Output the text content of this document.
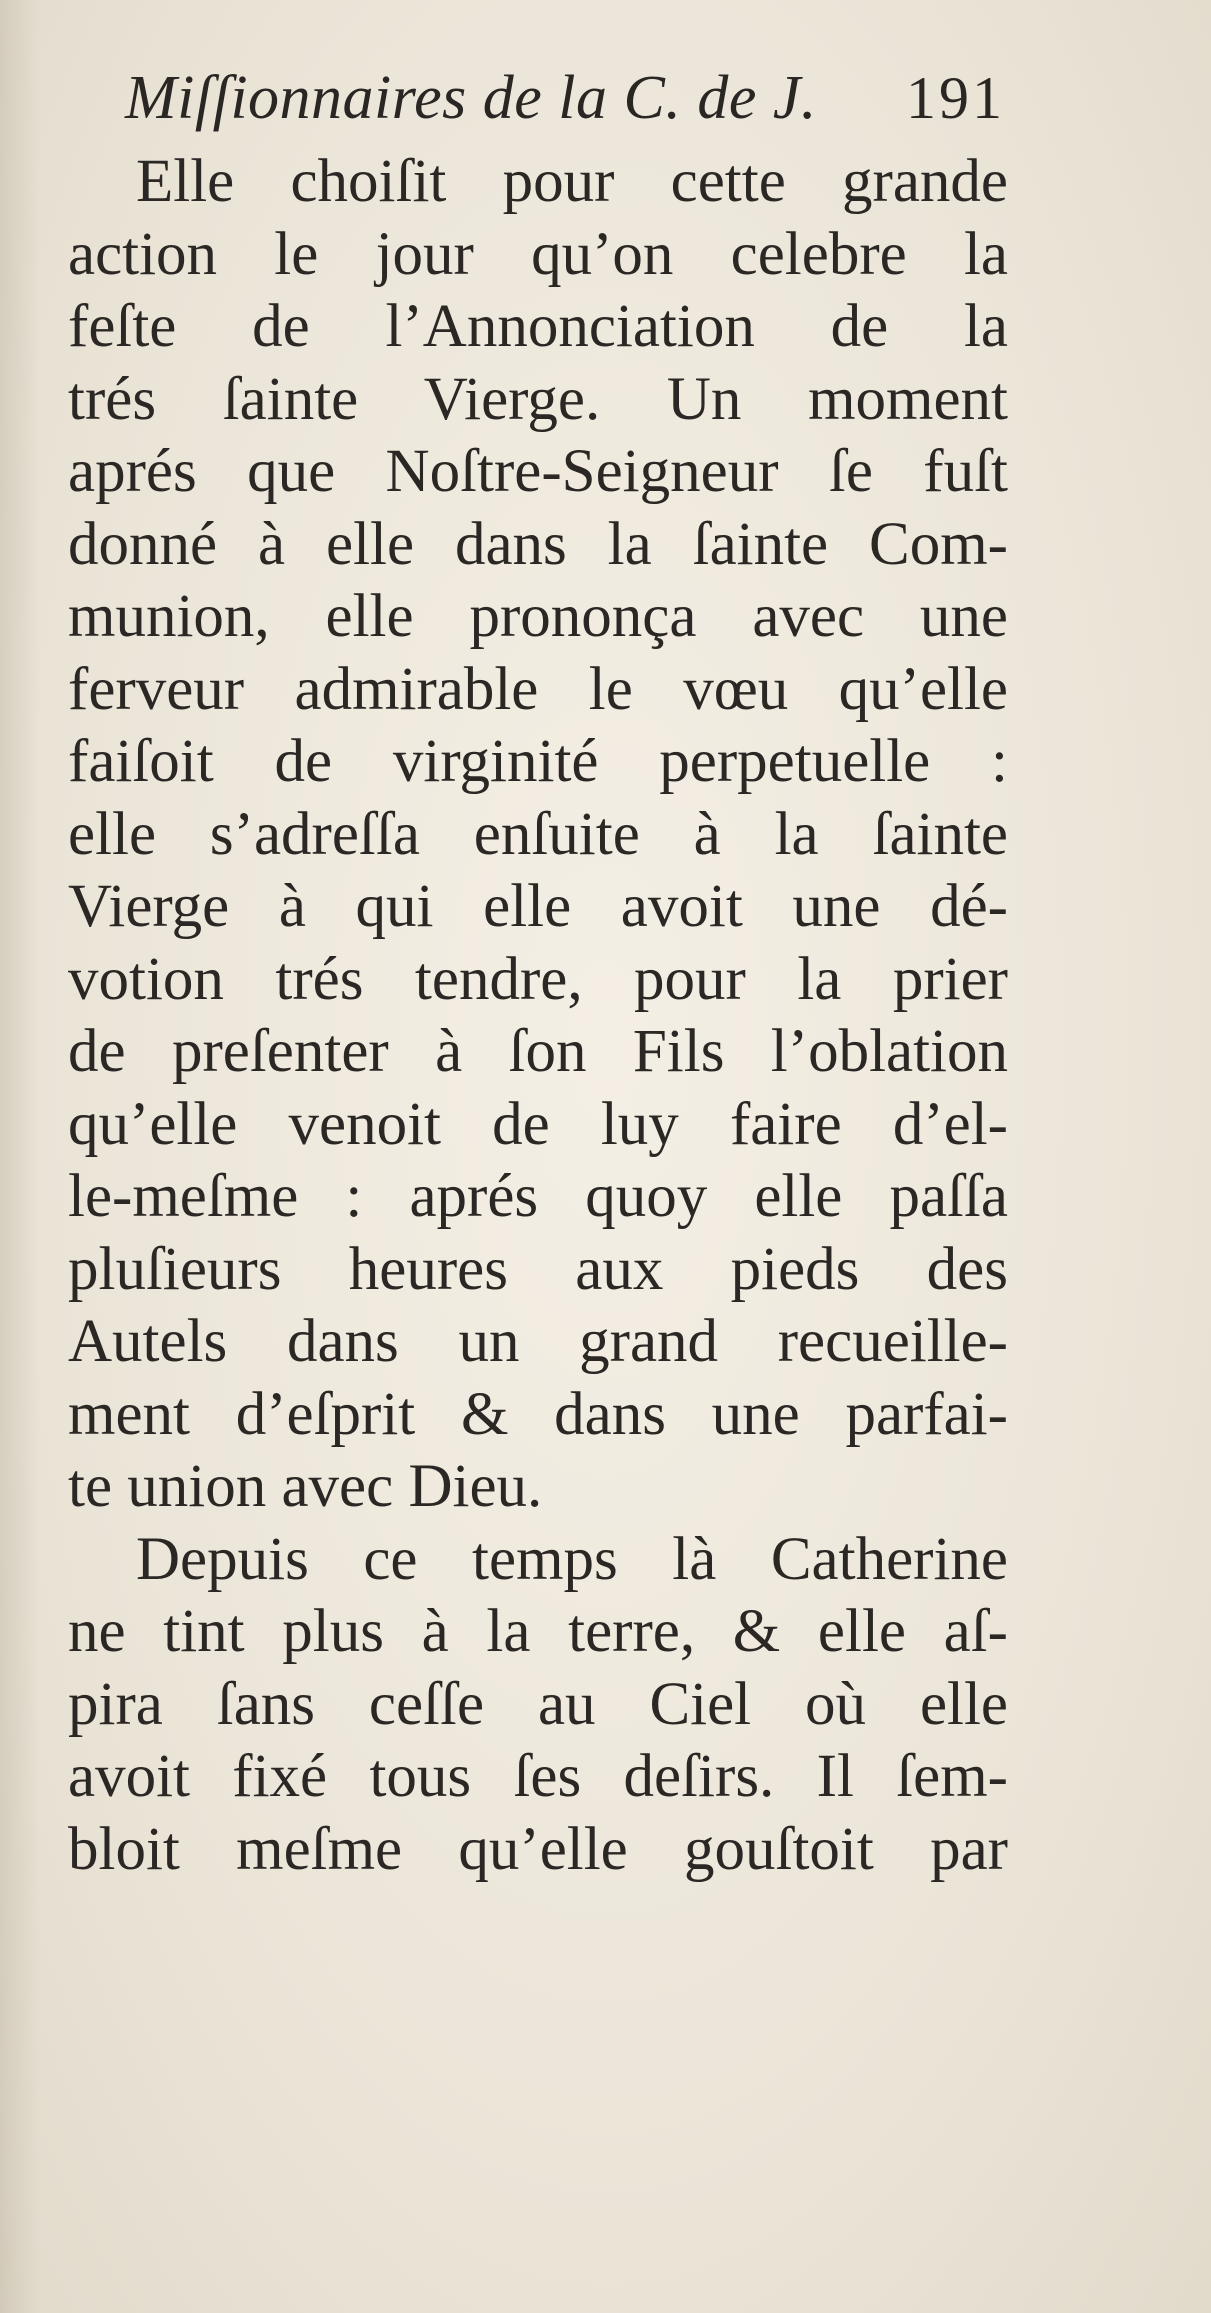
Miſſionnaires de la C. de J. 191
Elle choiſit pour cette grande
action le jour qu’on celebre la
feſte de l’Annonciation de la
trés ſainte Vierge. Un moment
aprés que Noſtre-Seigneur ſe fuſt
donné à elle dans la ſainte Com-
munion, elle prononça avec une
ferveur admirable le vœu qu’elle
faiſoit de virginité perpetuelle :
elle s’adreſſa enſuite à la ſainte
Vierge à qui elle avoit une dé-
votion trés tendre, pour la prier
de preſenter à ſon Fils l’oblation
qu’elle venoit de luy faire d’el-
le-meſme : aprés quoy elle paſſa
pluſieurs heures aux pieds des
Autels dans un grand recueille-
ment d’eſprit & dans une parfai-
te union avec Dieu.
Depuis ce temps là Catherine
ne tint plus à la terre, & elle aſ-
pira ſans ceſſe au Ciel où elle
avoit fixé tous ſes deſirs. Il ſem-
bloit meſme qu’elle gouſtoit par
